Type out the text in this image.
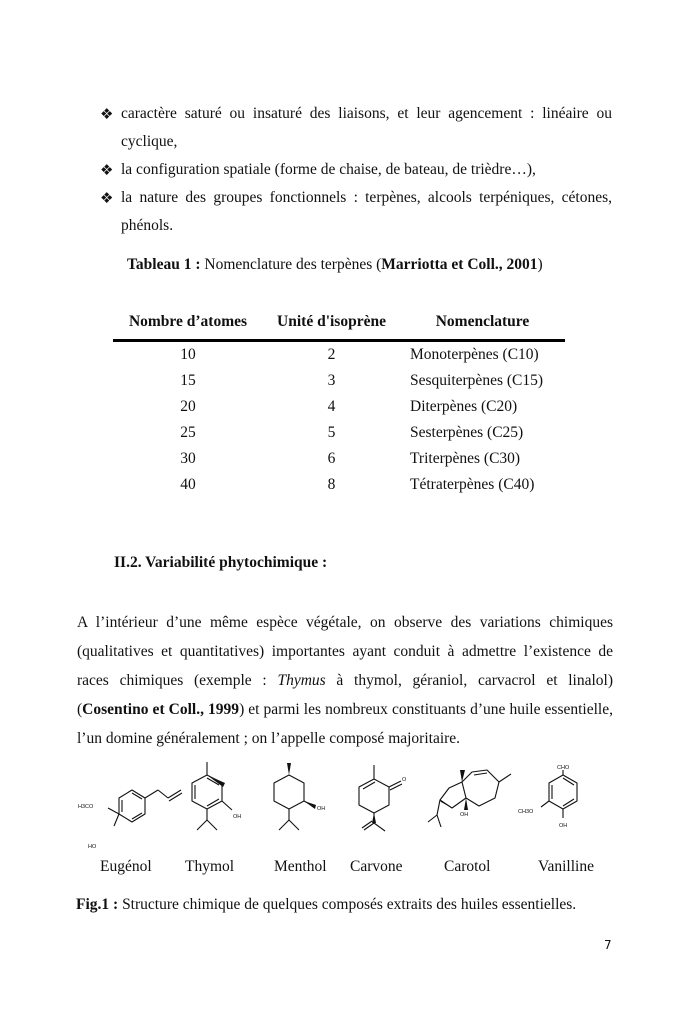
❖ caractère saturé ou insaturé des liaisons, et leur agencement : linéaire ou cyclique,
❖ la configuration spatiale (forme de chaise, de bateau, de trièdre…),
❖ la nature des groupes fonctionnels : terpènes, alcools terpéniques, cétones, phénols.
Tableau 1 : Nomenclature des terpènes (Marriotta et Coll., 2001)
Nombre d’atomes	Unité d'isoprène	Nomenclature
10	2	Monoterpènes (C10)
15	3	Sesquiterpènes (C15)
20	4	Diterpènes (C20)
25	5	Sesterpènes (C25)
30	6	Triterpènes (C30)
40	8	Tétraterpènes (C40)
II.2. Variabilité phytochimique :
A l’intérieur d’une même espèce végétale, on observe des variations chimiques (qualitatives et quantitatives) importantes ayant conduit à admettre l’existence de races chimiques (exemple : Thymus à thymol, géraniol, carvacrol et linalol) (Cosentino et Coll., 1999) et parmi les nombreux constituants d’une huile essentielle, l’un domine généralement ; on l’appelle composé majoritaire.
H3CO
HO
OH
OH
O
OH
CHO
CH3O
OH
Eugénol Thymol	Menthol Carvone	Carotol	Vanilline
Fig.1 : Structure chimique de quelques composés extraits des huiles essentielles.
7
